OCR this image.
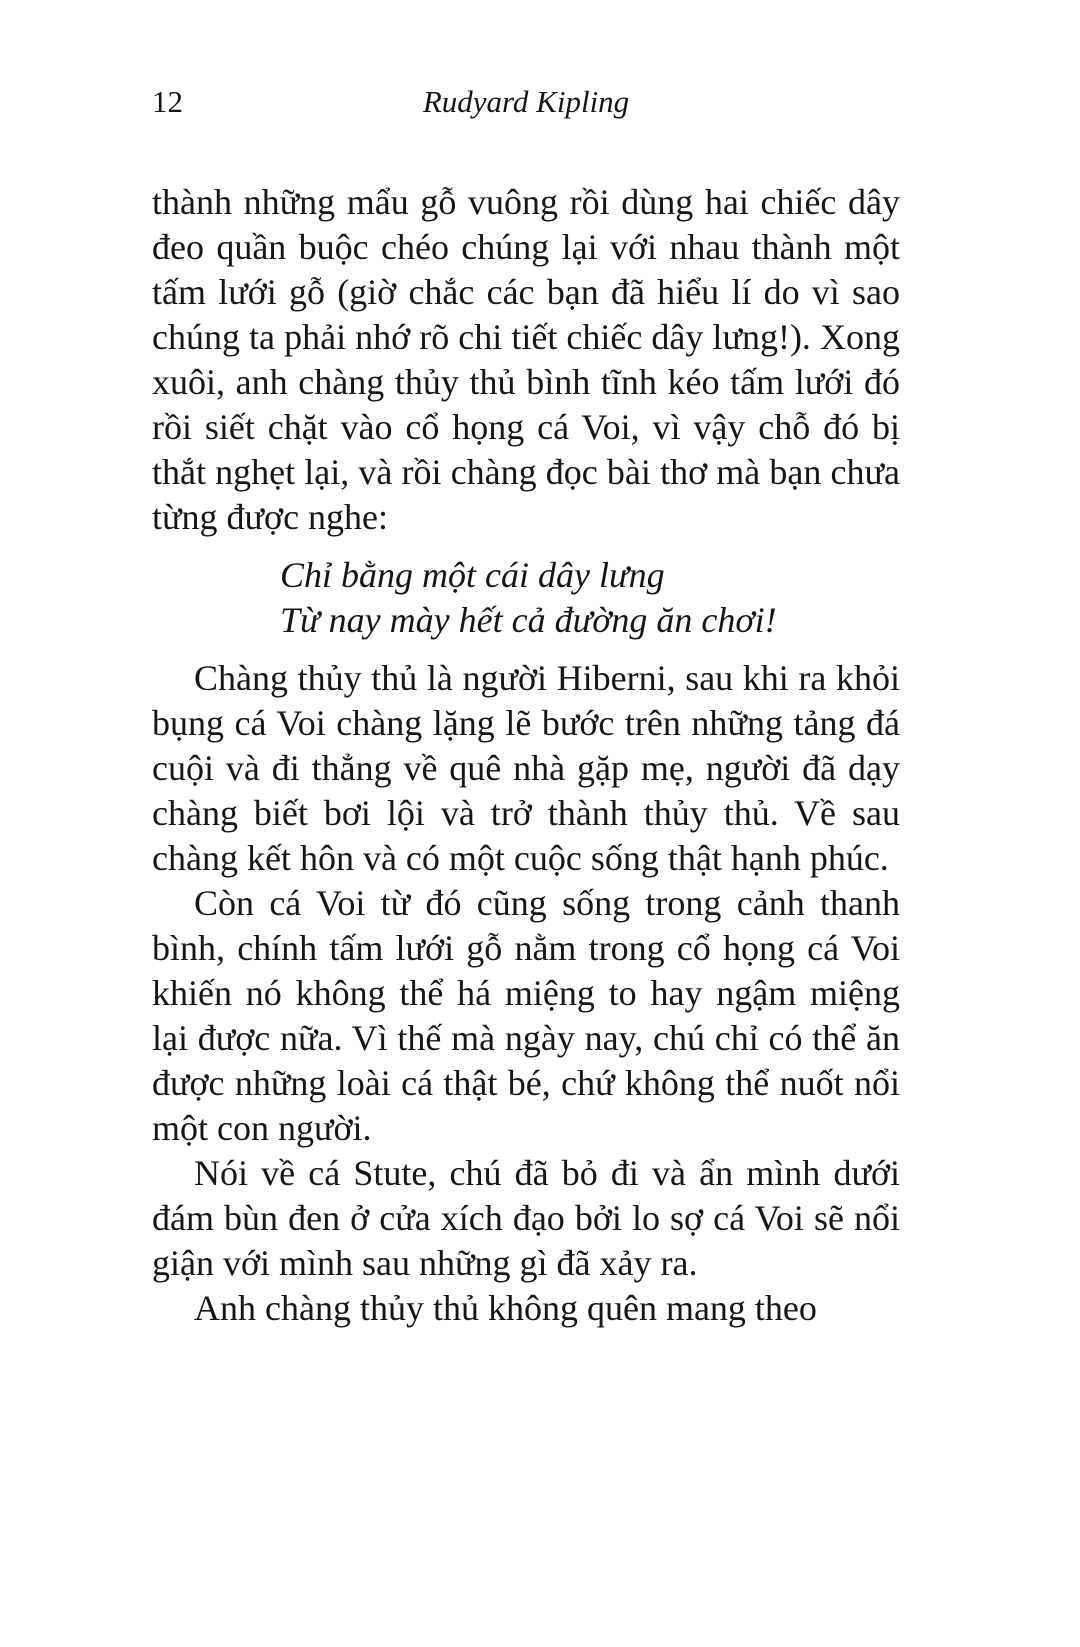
12	Rudyard Kipling

thành những mẩu gỗ vuông rồi dùng hai chiếc dây đeo quần buộc chéo chúng lại với nhau thành một tấm lưới gỗ (giờ chắc các bạn đã hiểu lí do vì sao chúng ta phải nhớ rõ chi tiết chiếc dây lưng!). Xong xuôi, anh chàng thủy thủ bình tĩnh kéo tấm lưới đó rồi siết chặt vào cổ họng cá Voi, vì vậy chỗ đó bị thắt nghẹt lại, và rồi chàng đọc bài thơ mà bạn chưa từng được nghe:

Chỉ bằng một cái dây lưng
Từ nay mày hết cả đường ăn chơi!

Chàng thủy thủ là người Hiberni, sau khi ra khỏi bụng cá Voi chàng lặng lẽ bước trên những tảng đá cuội và đi thẳng về quê nhà gặp mẹ, người đã dạy chàng biết bơi lội và trở thành thủy thủ. Về sau chàng kết hôn và có một cuộc sống thật hạnh phúc.

Còn cá Voi từ đó cũng sống trong cảnh thanh bình, chính tấm lưới gỗ nằm trong cổ họng cá Voi khiến nó không thể há miệng to hay ngậm miệng lại được nữa. Vì thế mà ngày nay, chú chỉ có thể ăn được những loài cá thật bé, chứ không thể nuốt nổi một con người.

Nói về cá Stute, chú đã bỏ đi và ẩn mình dưới đám bùn đen ở cửa xích đạo bởi lo sợ cá Voi sẽ nổi giận với mình sau những gì đã xảy ra.

Anh chàng thủy thủ không quên mang theo
